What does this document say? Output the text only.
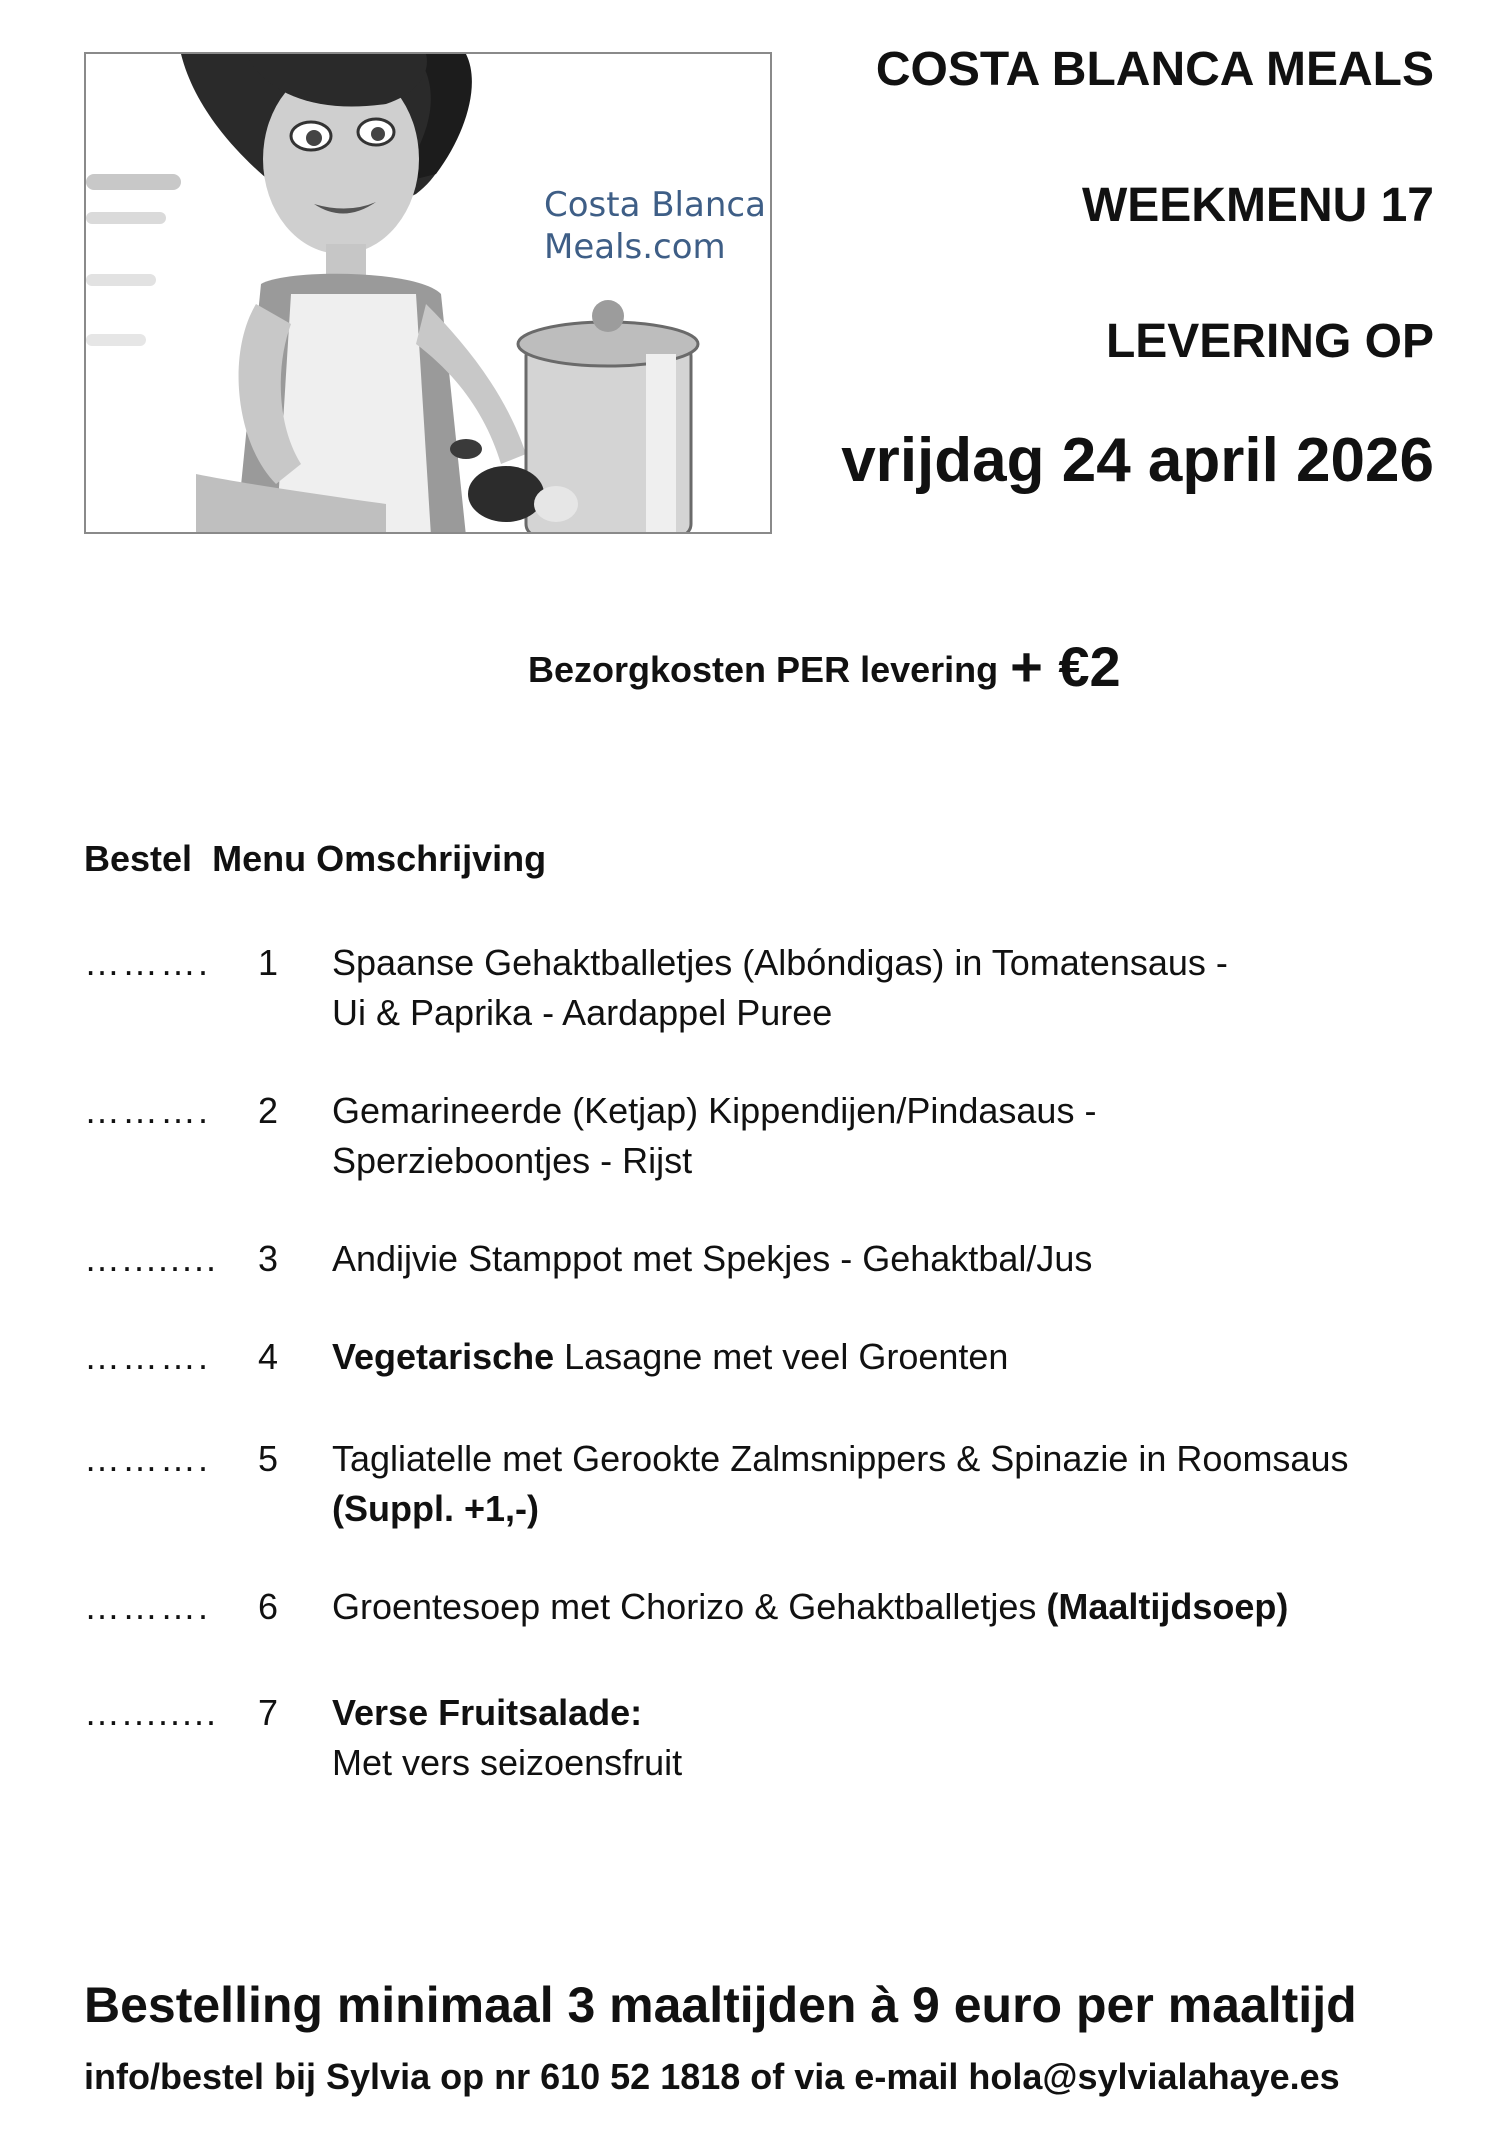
Costa Blanca
Meals.com
COSTA BLANCA MEALS
WEEKMENU 17
LEVERING OP
vrijdag 24 april 2026
Bezorgkosten PER levering + €2
Bestel Menu Omschrijving
………. 1 Spaanse Gehaktballetjes (Albóndigas) in Tomatensaus -
Ui & Paprika - Aardappel Puree
………. 2 Gemarineerde (Ketjap) Kippendijen/Pindasaus -
Sperzieboontjes - Rijst
…........ 3 Andijvie Stamppot met Spekjes - Gehaktbal/Jus
………. 4 Vegetarische Lasagne met veel Groenten
………. 5 Tagliatelle met Gerookte Zalmsnippers & Spinazie in Roomsaus
(Suppl. +1,-)
………. 6 Groentesoep met Chorizo & Gehaktballetjes (Maaltijdsoep)
…........ 7 Verse Fruitsalade:
Met vers seizoensfruit
Bestelling minimaal 3 maaltijden à 9 euro per maaltijd
info/bestel bij Sylvia op nr 610 52 1818 of via e-mail hola@sylvialahaye.es
